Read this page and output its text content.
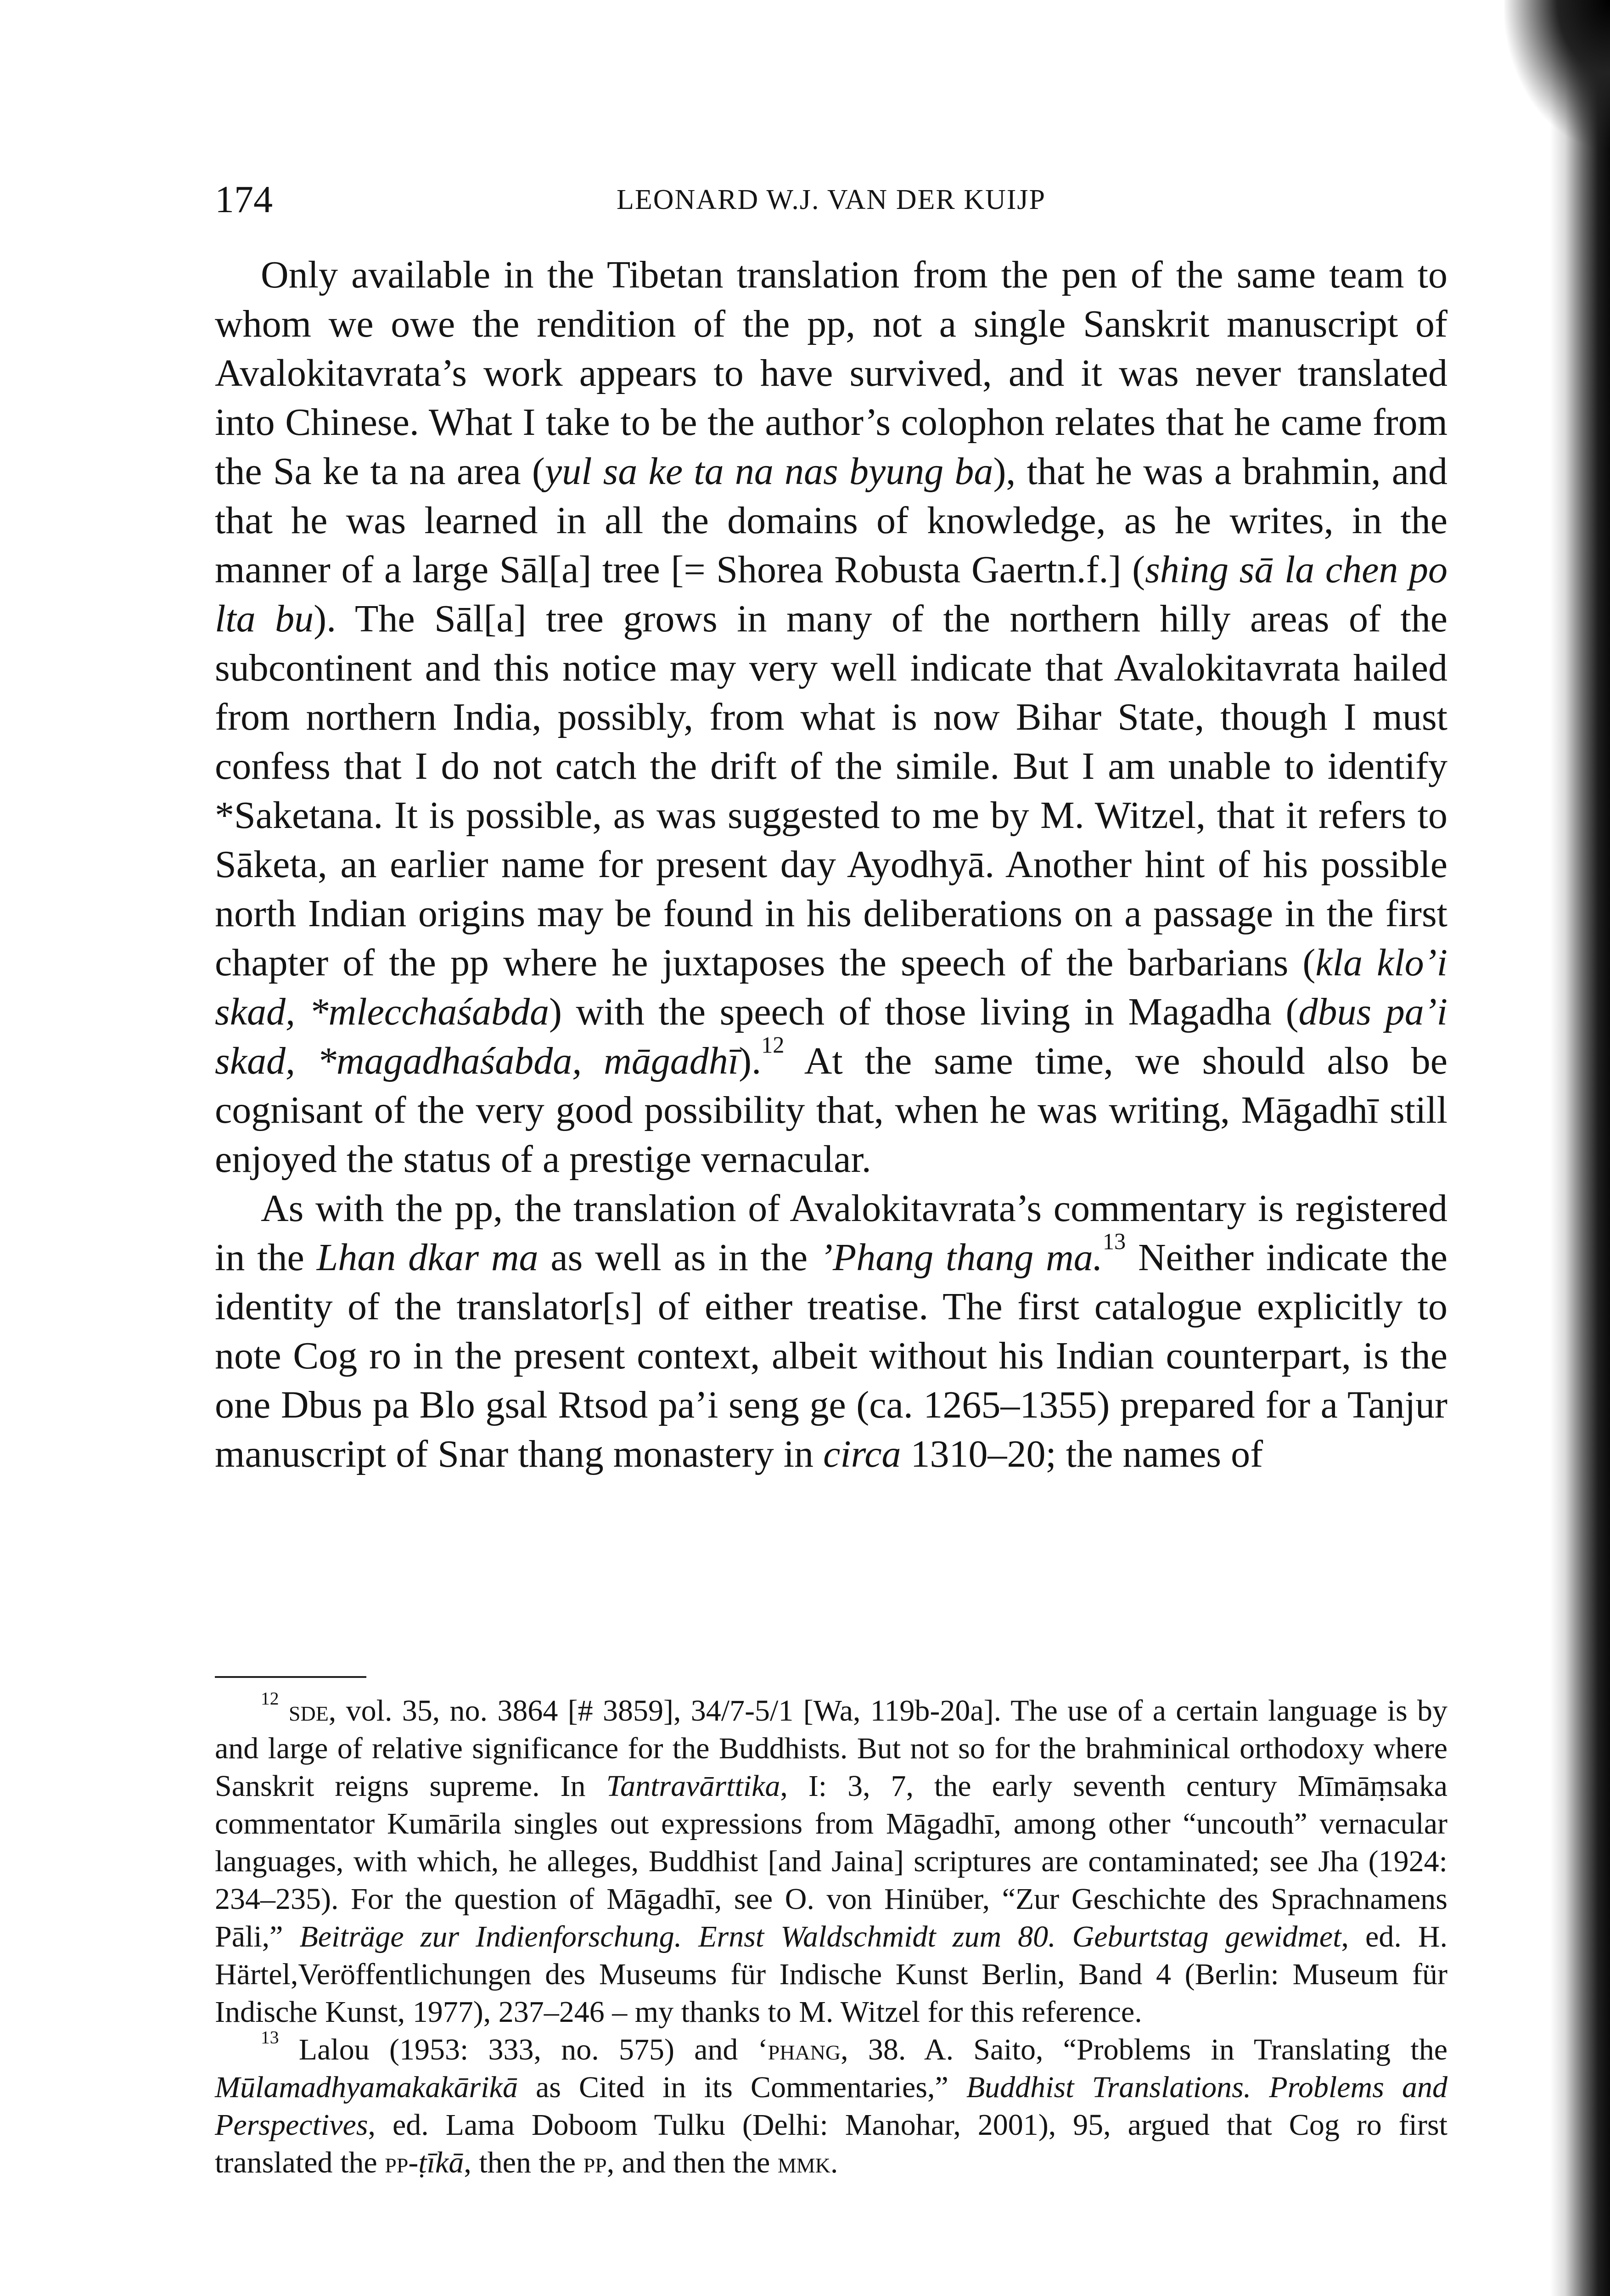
174	LEONARD W.J. VAN DER KUIJP

Only available in the Tibetan translation from the pen of the same team to whom we owe the rendition of the pp, not a single Sanskrit manuscript of Avalokitavrata’s work appears to have survived, and it was never translated into Chinese. What I take to be the author’s colophon relates that he came from the Sa ke ta na area (yul sa ke ta na nas byung ba), that he was a brahmin, and that he was learned in all the domains of knowledge, as he writes, in the manner of a large Sāl[a] tree [= Shorea Robusta Gaertn.f.] (shing sā la chen po lta bu). The Sāl[a] tree grows in many of the northern hilly areas of the subcontinent and this notice may very well indicate that Avalokitavrata hailed from northern India, possibly, from what is now Bihar State, though I must confess that I do not catch the drift of the simile. But I am unable to identify *Saketana. It is possible, as was suggested to me by M. Witzel, that it refers to Sāketa, an earlier name for present day Ayodhyā. Another hint of his possible north Indian origins may be found in his deliberations on a passage in the first chapter of the pp where he juxtaposes the speech of the barbarians (kla klo’i skad, *mlecchaśabda) with the speech of those living in Magadha (dbus pa’i skad, *magadhaśabda, māgadhī).$^{12}$ At the same time, we should also be cognisant of the very good possibility that, when he was writing, Māgadhī still enjoyed the status of a prestige vernacular.

As with the pp, the translation of Avalokitavrata’s commentary is registered in the Lhan dkar ma as well as in the ’Phang thang ma.$^{13}$ Neither indicate the identity of the translator[s] of either treatise. The first catalogue explicitly to note Cog ro in the present context, albeit without his Indian counterpart, is the one Dbus pa Blo gsal Rtsod pa’i seng ge (ca. 1265–1355) prepared for a Tanjur manuscript of Snar thang monastery in circa 1310–20; the names of

$^{12}$ sde, vol. 35, no. 3864 [# 3859], 34/7-5/1 [Wa, 119b-20a]. The use of a certain language is by and large of relative significance for the Buddhists. But not so for the brahminical orthodoxy where Sanskrit reigns supreme. In Tantravārttika, I: 3, 7, the early seventh century Mīmāṃsaka commentator Kumārila singles out expressions from Māgadhī, among other “uncouth” vernacular languages, with which, he alleges, Buddhist [and Jaina] scriptures are contaminated; see Jha (1924: 234–235). For the question of Māgadhī, see O. von Hinüber, “Zur Geschichte des Sprachnamens Pāli,” Beiträge zur Indienforschung. Ernst Waldschmidt zum 80. Geburtstag gewidmet, ed. H. Härtel,Veröffentlichungen des Museums für Indische Kunst Berlin, Band 4 (Berlin: Museum für Indische Kunst, 1977), 237–246 – my thanks to M. Witzel for this reference.

$^{13}$ Lalou (1953: 333, no. 575) and ‘phang, 38. A. Saito, “Problems in Translating the Mūlamadhyamakakārikā as Cited in its Commentaries,” Buddhist Translations. Problems and Perspectives, ed. Lama Doboom Tulku (Delhi: Manohar, 2001), 95, argued that Cog ro first translated the pp-ṭīkā, then the pp, and then the mmk.
